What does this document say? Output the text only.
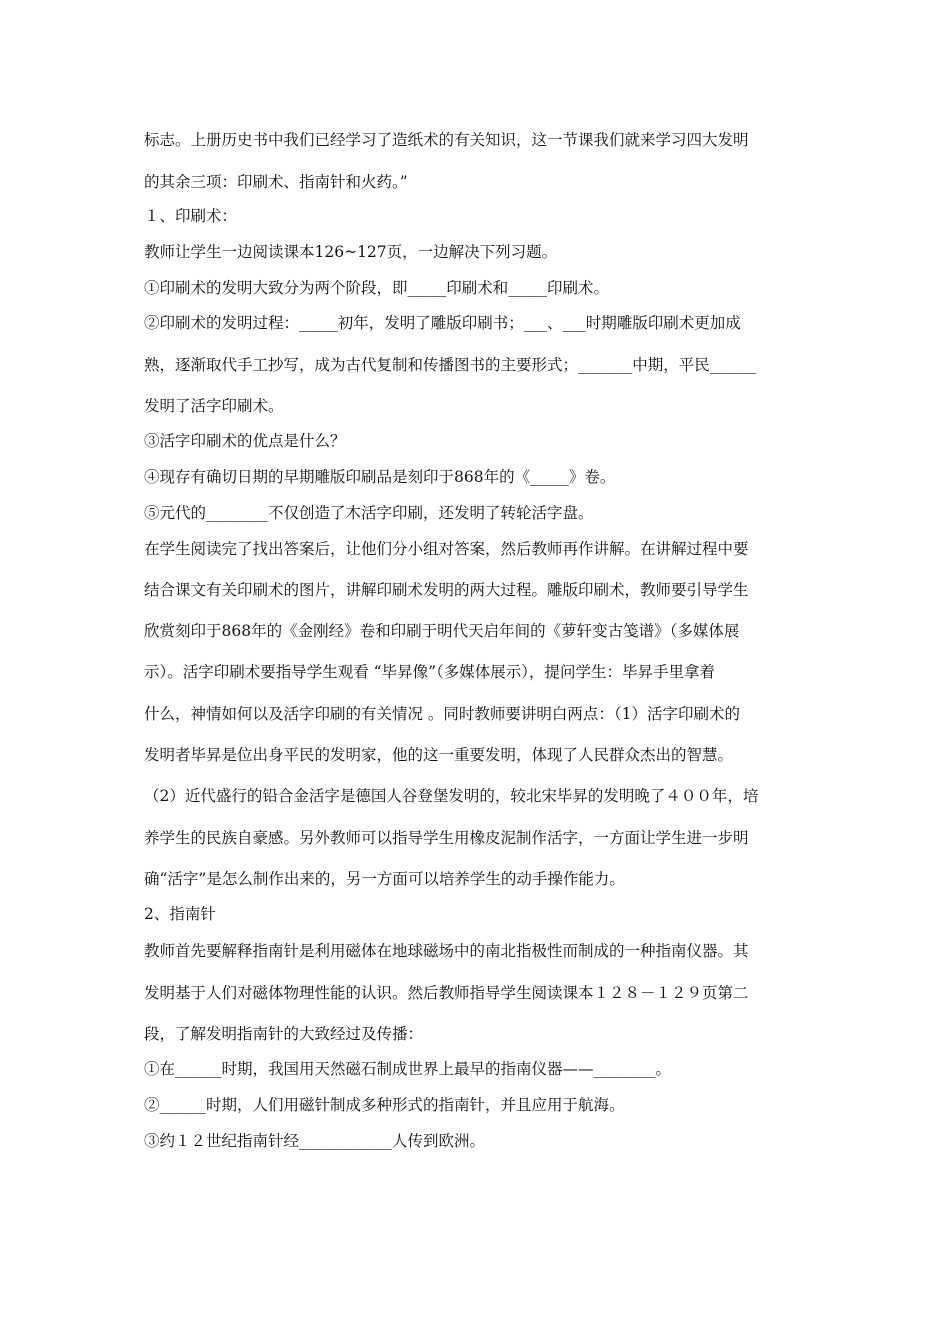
标志。上册历史书中我们已经学习了造纸术的有关知识，这一节课我们就来学习四大发明
的其余三项：印刷术、指南针和火药。”
１、印刷术：
教师让学生一边阅读课本126~127页，一边解决下列习题。
①印刷术的发明大致分为两个阶段，即_____印刷术和_____印刷术。
②印刷术的发明过程：_____初年，发明了雕版印刷书；___、___时期雕版印刷术更加成
熟，逐渐取代手工抄写，成为古代复制和传播图书的主要形式；_______中期，平民______
发明了活字印刷术。
③活字印刷术的优点是什么？
④现存有确切日期的早期雕版印刷品是刻印于868年的《_____》卷。
⑤元代的________不仅创造了木活字印刷，还发明了转轮活字盘。
在学生阅读完了找出答案后，让他们分小组对答案，然后教师再作讲解。在讲解过程中要
结合课文有关印刷术的图片，讲解印刷术发明的两大过程。雕版印刷术，教师要引导学生
欣赏刻印于868年的《金刚经》卷和印刷于明代天启年间的《萝轩变古笺谱》（多媒体展
示）。活字印刷术要指导学生观看 “毕昇像”（多媒体展示），提问学生：毕昇手里拿着
什么，神情如何以及活字印刷的有关情况 。同时教师要讲明白两点：（1）活字印刷术的
发明者毕昇是位出身平民的发明家，他的这一重要发明，体现了人民群众杰出的智慧。
（2）近代盛行的铅合金活字是德国人谷登堡发明的，较北宋毕昇的发明晚了４００年，培
养学生的民族自豪感。另外教师可以指导学生用橡皮泥制作活字，一方面让学生进一步明
确“活字”是怎么制作出来的，另一方面可以培养学生的动手操作能力。
2、指南针
教师首先要解释指南针是利用磁体在地球磁场中的南北指极性而制成的一种指南仪器。其
发明基于人们对磁体物理性能的认识。然后教师指导学生阅读课本１２８－１２９页第二
段，了解发明指南针的大致经过及传播：
①在______时期，我国用天然磁石制成世界上最早的指南仪器——________。
②______时期，人们用磁针制成多种形式的指南针，并且应用于航海。
③约１２世纪指南针经____________人传到欧洲。
